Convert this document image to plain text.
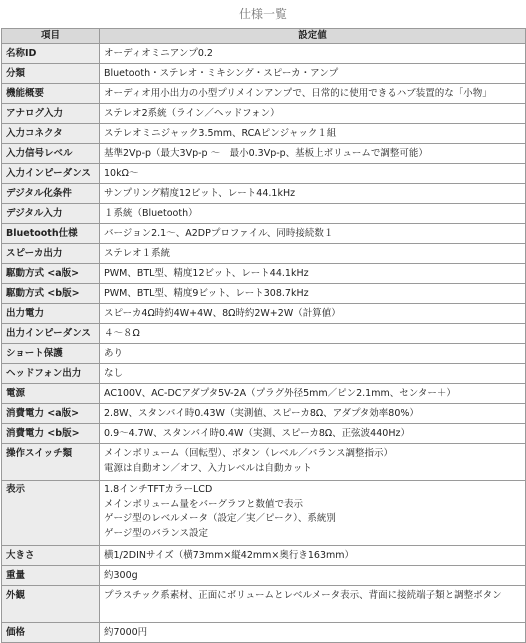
仕様一覧
項目	設定値
名称ID	オーディオミニアンプ0.2

分類	Bluetooth・ステレオ・ミキシング・スピーカ・アンプ

機能概要	オーディオ用小出力の小型プリメインアンプで、日常的に使用できるハブ装置的な「小物」

アナログ入力	ステレオ2系統（ライン／ヘッドフォン）

入力コネクタ	ステレオミニジャック3.5mm、RCAピンジャック１組

入力信号レベル	基準2Vp-p（最大3Vp-p ～　最小0.3Vp-p、基板上ボリュームで調整可能）

入力インピーダンス	10kΩ～

デジタル化条件	サンプリング精度12ビット、レート44.1kHz

デジタル入力	１系統（Bluetooth）

Bluetooth仕様	バージョン2.1～、A2DPプロファイル、同時接続数１

スピーカ出力	ステレオ１系統

駆動方式 <a版>	PWM、BTL型、精度12ビット、レート44.1kHz

駆動方式 <b版>	PWM、BTL型、精度9ビット、レート308.7kHz

出力電力	スピーカ4Ω時約4W+4W、8Ω時約2W+2W（計算値）

出力インピーダンス	４～８Ω

ショート保護	あり

ヘッドフォン出力	なし

電源	AC100V、AC-DCアダプタ5V-2A（プラグ外径5mm／ピン2.1mm、センター＋）

消費電力 <a版>	2.8W、スタンバイ時0.43W（実測値、スピーカ8Ω、アダプタ効率80%）

消費電力 <b版>	0.9～4.7W、スタンバイ時0.4W（実測、スピーカ8Ω、正弦波440Hz）

操作スイッチ類	メインボリューム（回転型）、ボタン（レベル／バランス調整指示）
電源は自動オン／オフ、入力レベルは自動カット

表示	1.8インチTFTカラーLCD
メインボリューム量をバーグラフと数値で表示
ゲージ型のレベルメータ（設定／実／ピーク）、系統別
ゲージ型のバランス設定

大きさ	横1/2DINサイズ（横73mm×縦42mm×奥行き163mm）

重量	約300g

外観	プラスチック系素材、正面にボリュームとレベルメータ表示、背面に接続端子類と調整ボタン

価格	約7000円
